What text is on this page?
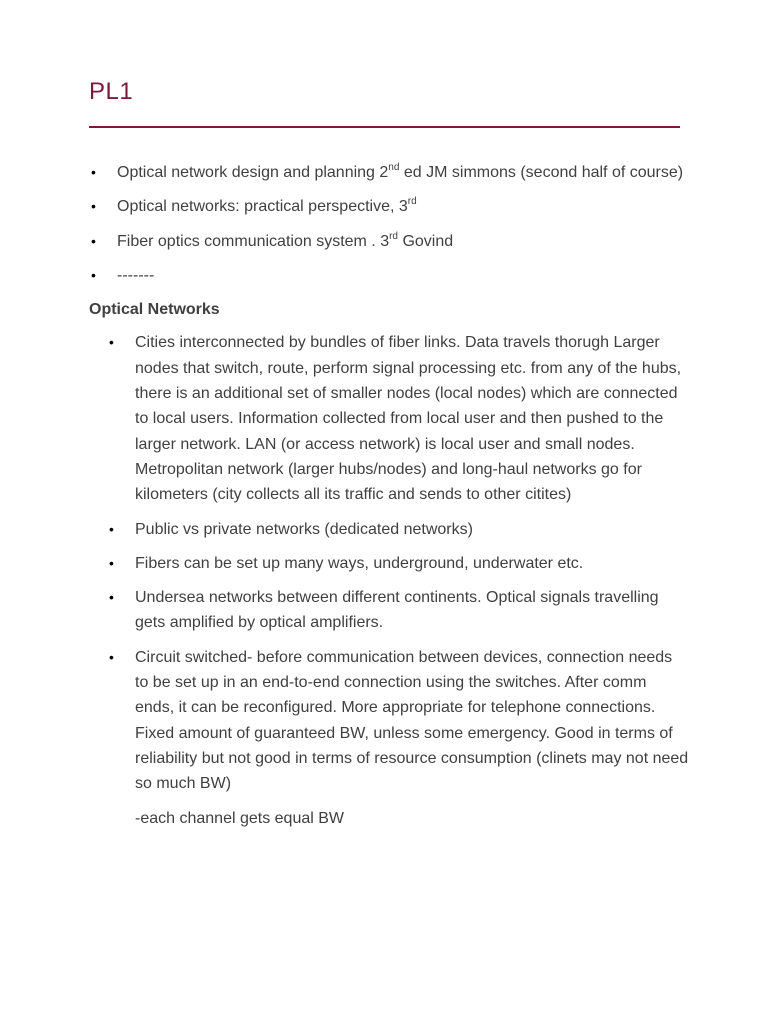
PL1
• Optical network design and planning 2nd ed JM simmons (second half of course)
• Optical networks: practical perspective, 3rd
• Fiber optics communication system . 3rd Govind
• -------
Optical Networks
• Cities interconnected by bundles of fiber links. Data travels thorugh Larger nodes that switch, route, perform signal processing etc. from any of the hubs, there is an additional set of smaller nodes (local nodes) which are connected to local users. Information collected from local user and then pushed to the larger network. LAN (or access network) is local user and small nodes. Metropolitan network (larger hubs/nodes) and long-haul networks go for kilometers (city collects all its traffic and sends to other citites)
• Public vs private networks (dedicated networks)
• Fibers can be set up many ways, underground, underwater etc.
• Undersea networks between different continents. Optical signals travelling gets amplified by optical amplifiers.
• Circuit switched- before communication between devices, connection needs to be set up in an end-to-end connection using the switches. After comm ends, it can be reconfigured. More appropriate for telephone connections. Fixed amount of guaranteed BW, unless some emergency. Good in terms of reliability but not good in terms of resource consumption (clinets may not need so much BW)
-each channel gets equal BW
